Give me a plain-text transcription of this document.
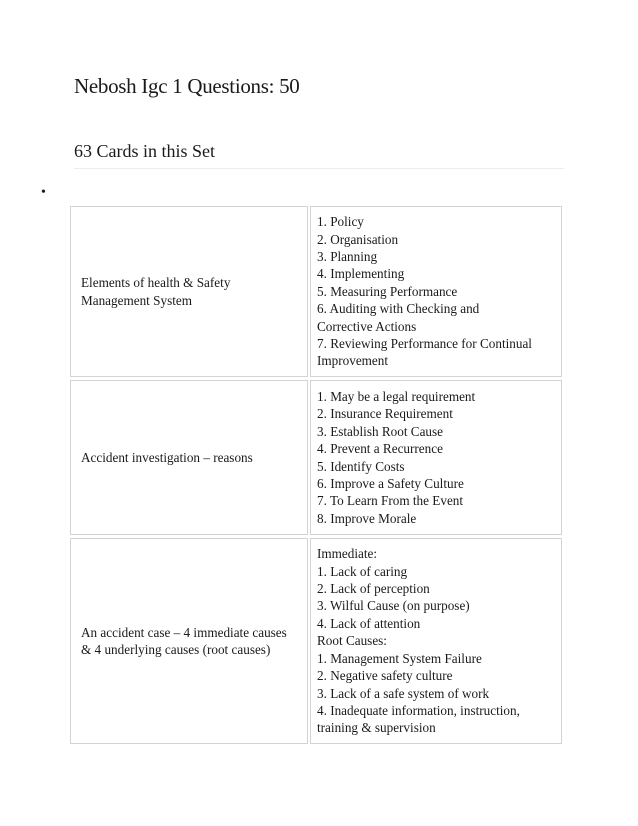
Nebosh Igc 1 Questions: 50
63 Cards in this Set
•
Elements of health & Safety Management System
1. Policy
2. Organisation
3. Planning
4. Implementing
5. Measuring Performance
6. Auditing with Checking and
Corrective Actions
7. Reviewing Performance for Continual
Improvement
Accident investigation – reasons
1. May be a legal requirement
2. Insurance Requirement
3. Establish Root Cause
4. Prevent a Recurrence
5. Identify Costs
6. Improve a Safety Culture
7. To Learn From the Event
8. Improve Morale
An accident case – 4 immediate causes & 4 underlying causes (root causes)
Immediate:
1. Lack of caring
2. Lack of perception
3. Wilful Cause (on purpose)
4. Lack of attention
Root Causes:
1. Management System Failure
2. Negative safety culture
3. Lack of a safe system of work
4. Inadequate information, instruction,
training & supervision
